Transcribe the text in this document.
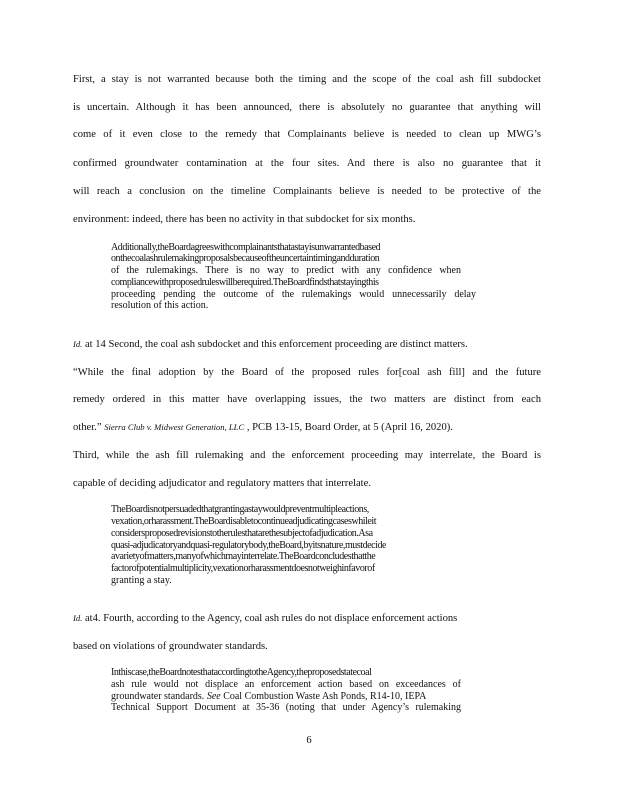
First, a stay is not warranted because both the timing and the scope of the coal ash fill subdocket
is uncertain. Although it has been announced, there is absolutely no guarantee that anything will
come of it even close to the remedy that Complainants believe is needed to clean up MWG’s
confirmed groundwater contamination at the four sites. And there is also no guarantee that it
will reach a conclusion on the timeline Complainants believe is needed to be protective of the
environment: indeed, there has been no activity in that subdocket for six months.
Additionally,theBoardagreeswithcomplainantsthatastayisunwarrantedbased
onthecoalashrulemakingproposalsbecauseoftheuncertaintimingandduration
of the rulemakings. There is no way to predict with any confidence when
compliancewithproposedruleswillberequired.TheBoardfindsthatstayingthis
proceeding pending the outcome of the rulemakings would unnecessarily delay
resolution of this action.
Id. at 14 Second, the coal ash subdocket and this enforcement proceeding are distinct matters.
“While the final adoption by the Board of the proposed rules for[coal ash fill] and the future
remedy ordered in this matter have overlapping issues, the two matters are distinct from each
other.” Sierra Club v. Midwest Generation, LLC , PCB 13-15, Board Order, at 5 (April 16, 2020).
Third, while the ash fill rulemaking and the enforcement proceeding may interrelate, the Board is
capable of deciding adjudicator and regulatory matters that interrelate.
TheBoardisnotpersuadedthatgrantingastaywouldpreventmultipleactions,
vexation,orharassment.TheBoardisabletocontinueadjudicatingcaseswhileit
considersproposedrevisionstotherulesthatarethesubjectofadjudication.Asa
quasi-adjudicatoryandquasi-regulatorybody,theBoard,byitsnature,mustdecide
avarietyofmatters,manyofwhichmayinterrelate.TheBoardconcludesthatthe
factorofpotentialmultiplicity,vexationorharassmentdoesnotweighinfavorof
granting a stay.
Id. at4. Fourth, according to the Agency, coal ash rules do not displace enforcement actions
based on violations of groundwater standards.
Inthiscase,theBoardnotesthataccordingtotheAgency,theproposedstatecoal
ash rule would not displace an enforcement action based on exceedances of
groundwater standards. See Coal Combustion Waste Ash Ponds, R14-10, IEPA
Technical Support Document at 35-36 (noting that under Agency’s rulemaking
6
